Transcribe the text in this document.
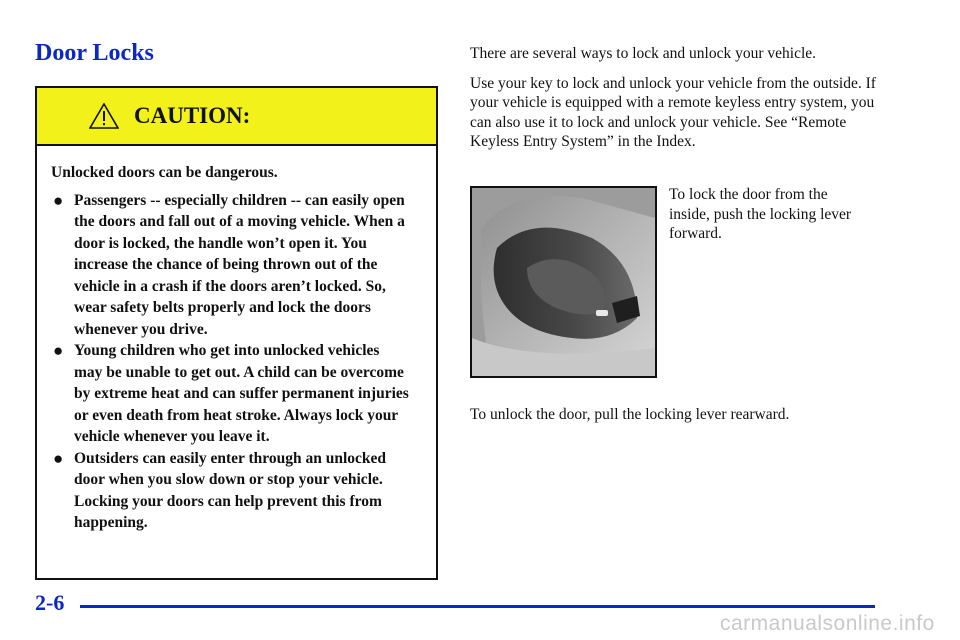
Door Locks
CAUTION:

Unlocked doors can be dangerous.

● Passengers -- especially children -- can easily open the doors and fall out of a moving vehicle. When a door is locked, the handle won’t open it. You increase the chance of being thrown out of the vehicle in a crash if the doors aren’t locked. So, wear safety belts properly and lock the doors whenever you drive.
● Young children who get into unlocked vehicles may be unable to get out. A child can be overcome by extreme heat and can suffer permanent injuries or even death from heat stroke. Always lock your vehicle whenever you leave it.
● Outsiders can easily enter through an unlocked door when you slow down or stop your vehicle. Locking your doors can help prevent this from happening.

There are several ways to lock and unlock your vehicle.

Use your key to lock and unlock your vehicle from the outside. If your vehicle is equipped with a remote keyless entry system, you can also use it to lock and unlock your vehicle. See “Remote Keyless Entry System” in the Index.

To lock the door from the inside, push the locking lever forward.
To unlock the door, pull the locking lever rearward.
2-6
carmanualsonline.info
